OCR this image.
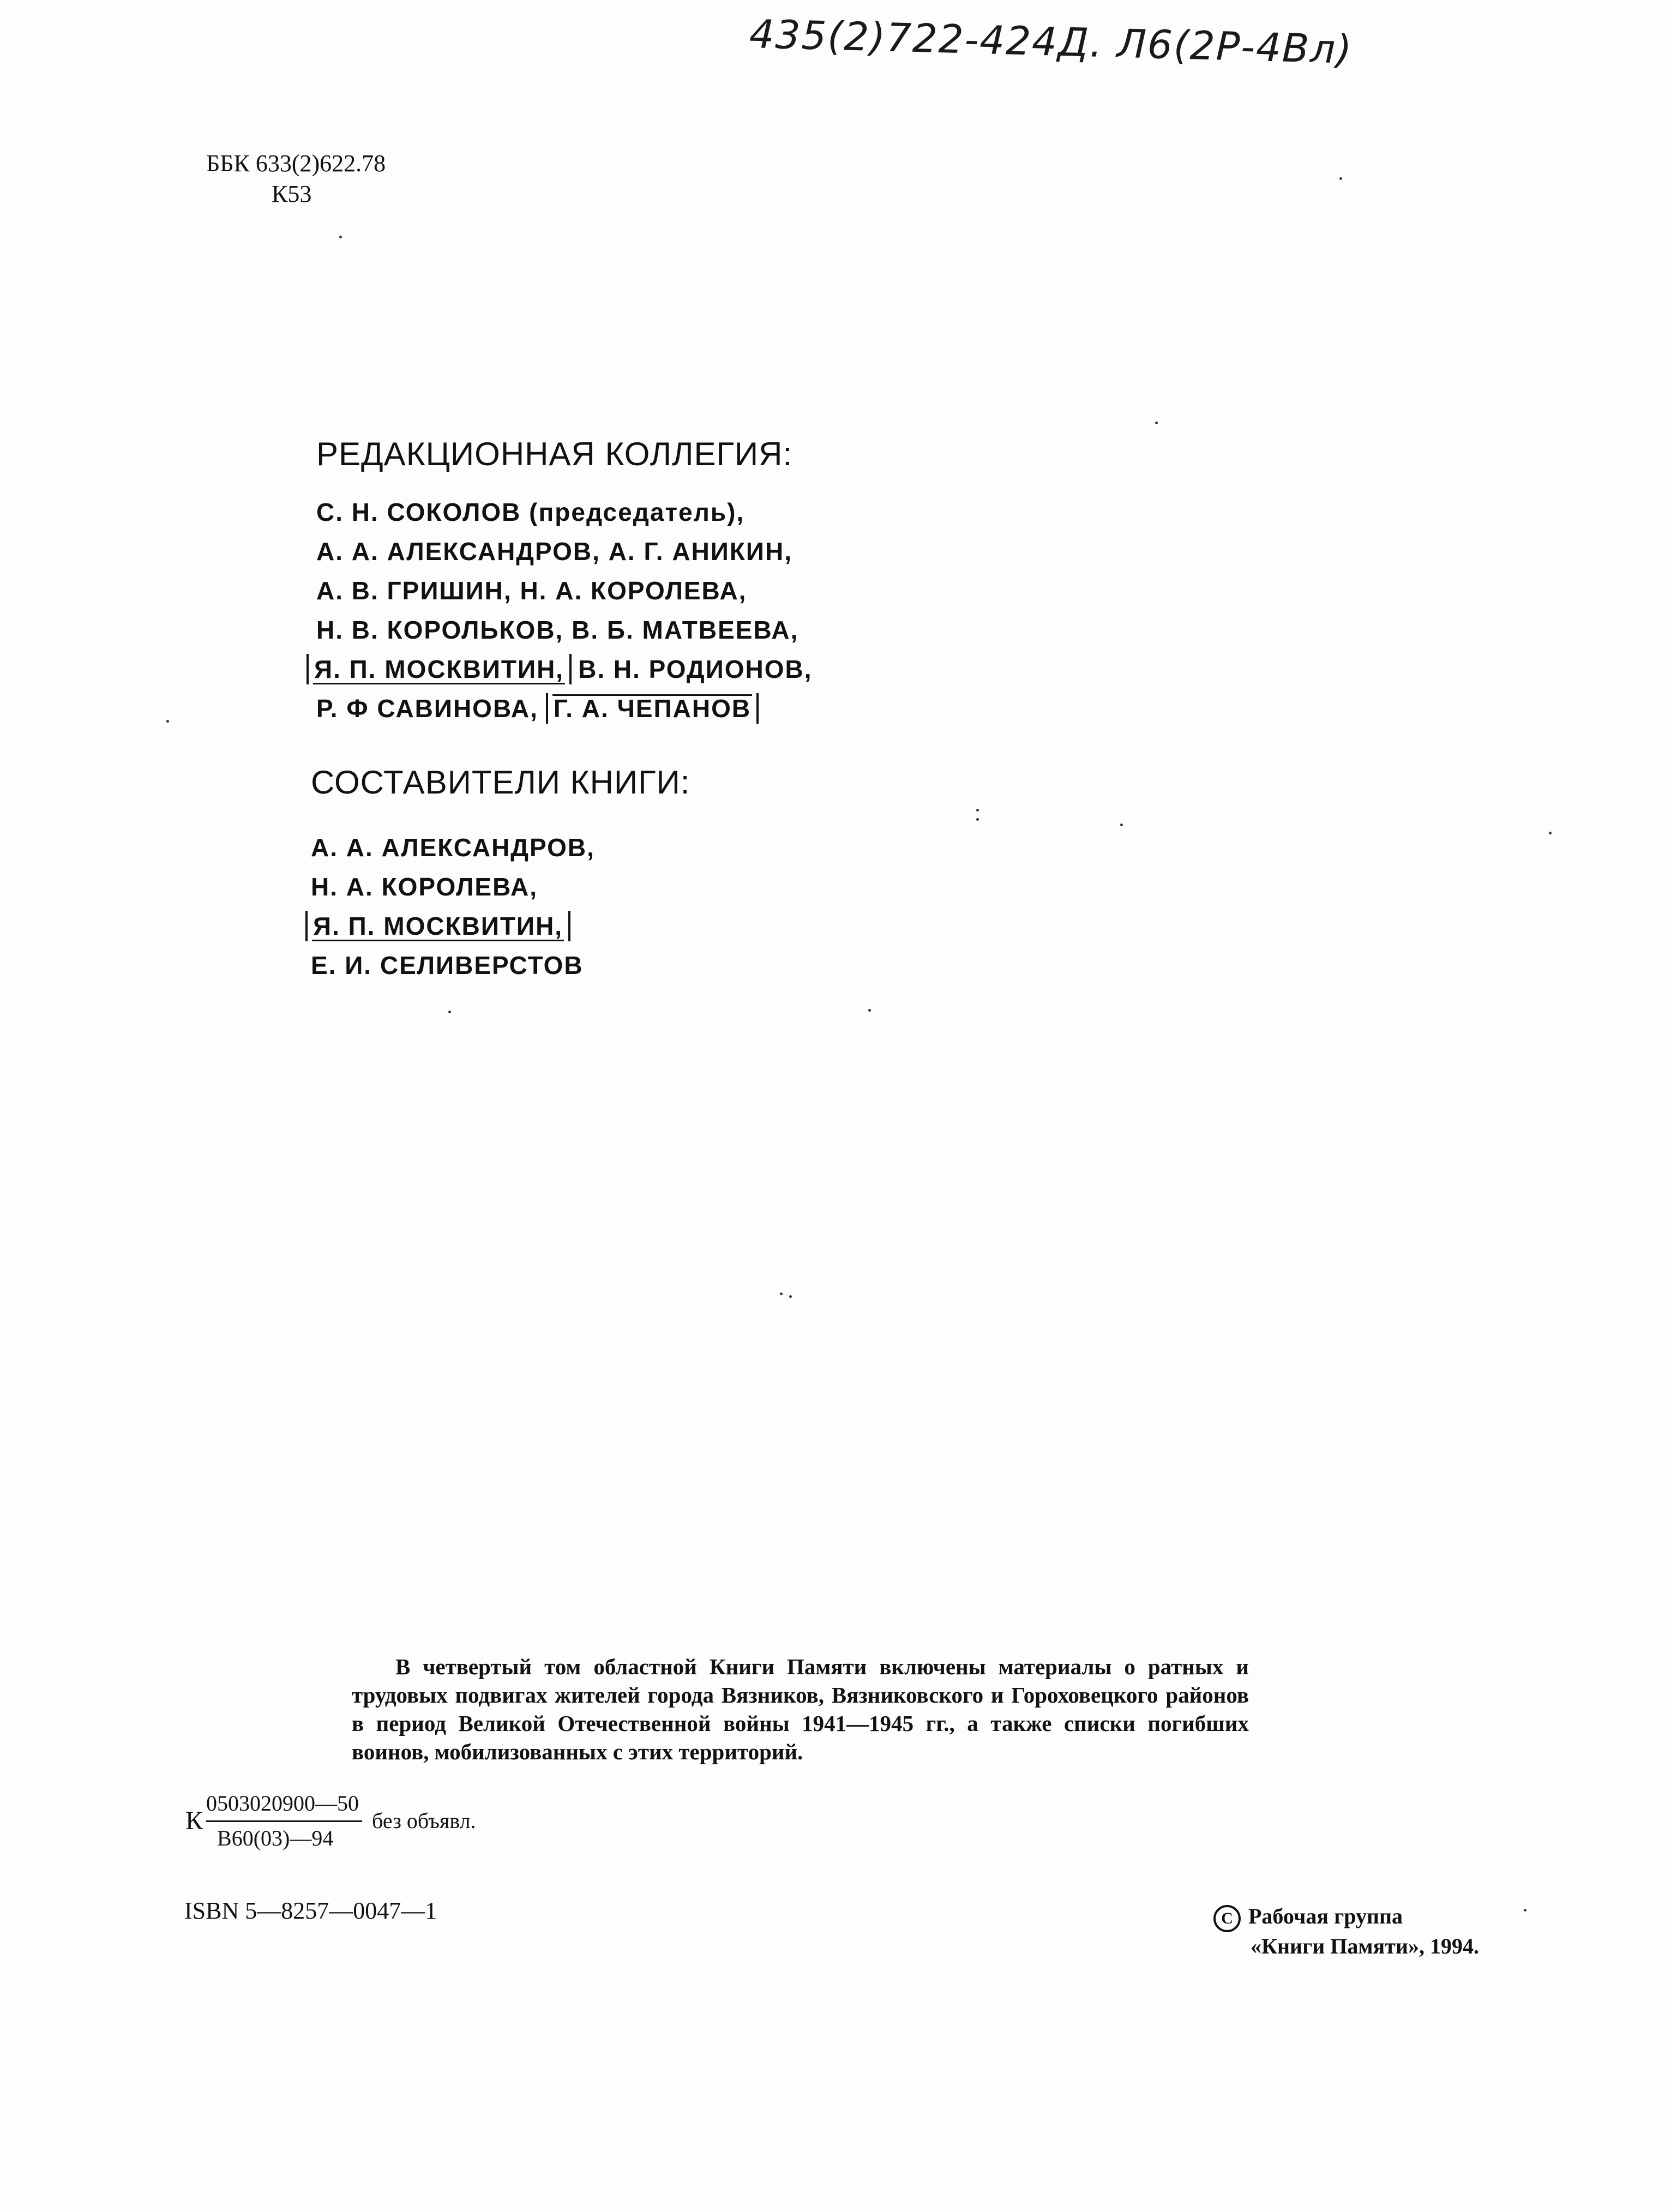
435(2)722-424Д. Л6(2Р-4Вл)
ББК 633(2)622.78
К53
РЕДАКЦИОННАЯ КОЛЛЕГИЯ:
С. Н. СОКОЛОВ (председатель),
А. А. АЛЕКСАНДРОВ, А. Г. АНИКИН,
А. В. ГРИШИН, Н. А. КОРОЛЕВА,
Н. В. КОРОЛЬКОВ, В. Б. МАТВЕЕВА,
Я. П. МОСКВИТИН, В. Н. РОДИОНОВ,
Р. Ф САВИНОВА, Г. А. ЧЕПАНОВ
СОСТАВИТЕЛИ КНИГИ:
А. А. АЛЕКСАНДРОВ,
Н. А. КОРОЛЕВА,
Я. П. МОСКВИТИН,
Е. И. СЕЛИВЕРСТОВ

В четвертый том областной Книги Памяти включены материалы о ратных и трудовых подвигах жителей города Вязников, Вязниковского и Гороховецкого районов в период Великой Отечественной войны 1941—1945 гг., а также списки погибших воинов, мобилизованных с этих территорий.

К $\frac{0503020900—50}{В60(03)—94}$ без объявл.
ISBN 5—8257—0047—1	С Рабочая группа
«Книги Памяти», 1994.
